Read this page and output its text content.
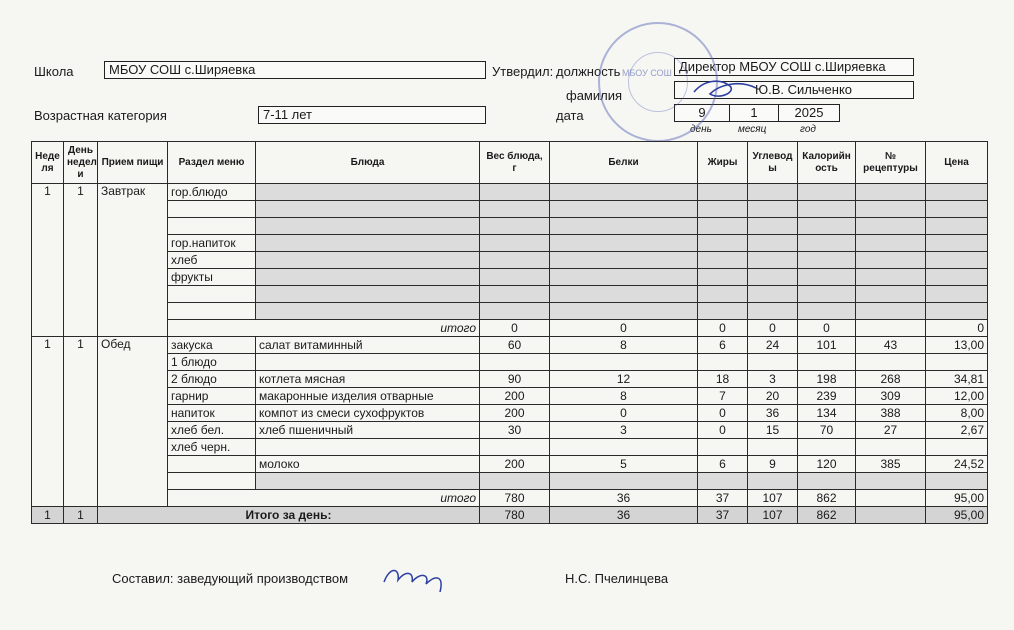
Школа	МБОУ СОШ с.Ширяевка	Утвердил: должность	Директор МБОУ СОШ с.Ширяевка
фамилия	Ю.В. Сильченко
Возрастная категория	7-11 лет	дата	9	1	2025
день	месяц	год
МБОУ СОШ
Неде ля	День недел и	Прием пищи	Раздел меню	Блюда	Вес блюда, г	Белки	Жиры	Углевод ы	Калорийн ость	№ рецептуры	Цена
1	1	Завтрак	гор.блюдо								

			гор.напиток								
			хлеб								
			фрукты								

			итого		0	0	0	0	0		0
1	1	Обед	закуска	салат витаминный	60	8	6	24	101	43	13,00
			1 блюдо								
			2 блюдо	котлета мясная	90	12	18	3	198	268	34,81
			гарнир	макаронные изделия отварные	200	8	7	20	239	309	12,00
			напиток	компот из смеси сухофруктов	200	0	0	36	134	388	8,00
			хлеб бел.	хлеб пшеничный	30	3	0	15	70	27	2,67
			хлеб черн.								
				молоко	200	5	6	9	120	385	24,52

			итого		780	36	37	107	862		95,00
1	1	Итого за день:			780	36	37	107	862		95,00
Составил: заведующий производством	Н.С. Пчелинцева
